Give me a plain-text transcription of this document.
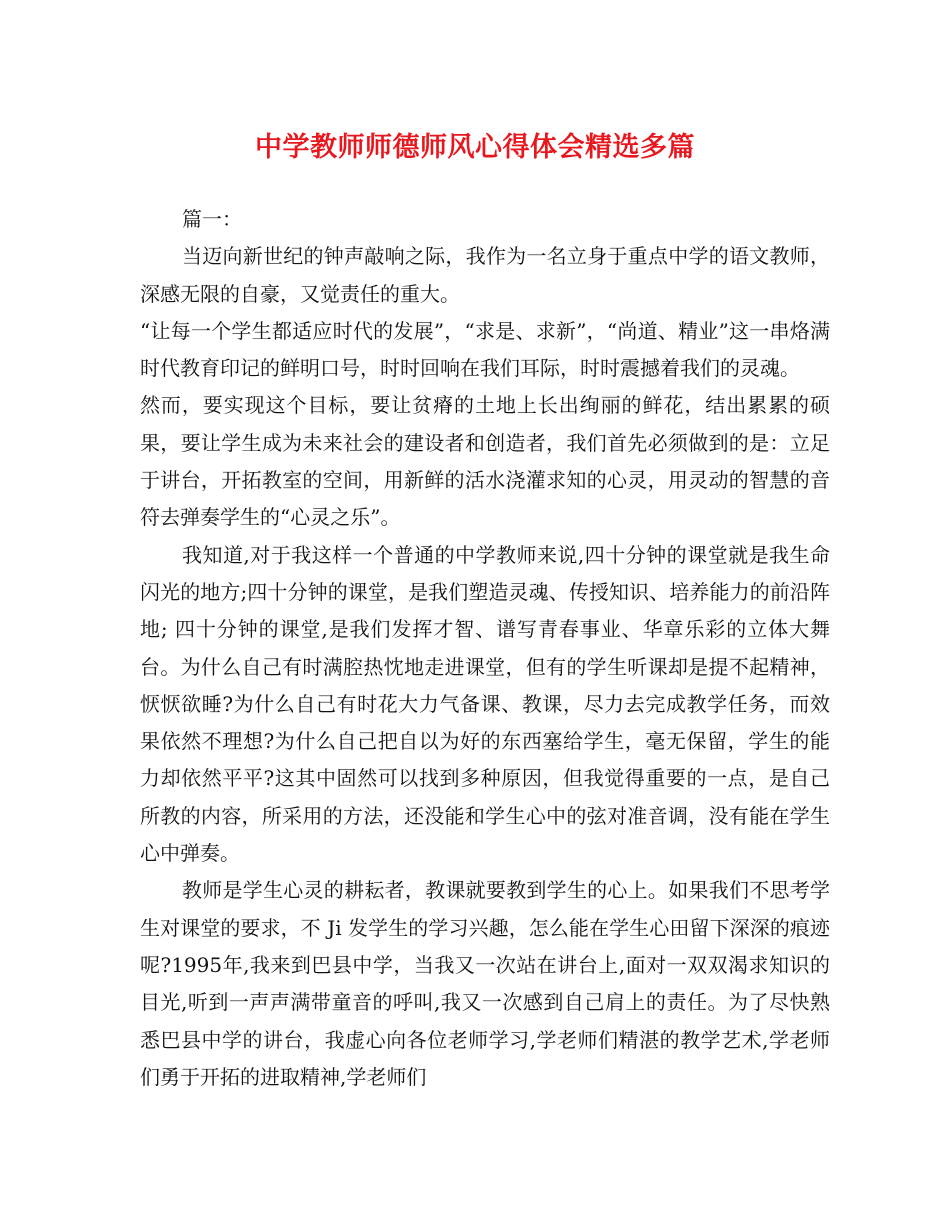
中学教师师德师风心得体会精选多篇

篇一：

当迈向新世纪的钟声敲响之际，我作为一名立身于重点中学的语文教师，深感无限的自豪，又觉责任的重大。

“让每一个学生都适应时代的发展”，“求是、求新”，“尚道、精业”这一串烙满时代教育印记的鲜明口号，时时回响在我们耳际，时时震撼着我们的灵魂。

然而，要实现这个目标，要让贫瘠的土地上长出绚丽的鲜花，结出累累的硕果，要让学生成为未来社会的建设者和创造者，我们首先必须做到的是：立足于讲台，开拓教室的空间，用新鲜的活水浇灌求知的心灵，用灵动的智慧的音符去弹奏学生的“心灵之乐”。

我知道,对于我这样一个普通的中学教师来说,四十分钟的课堂就是我生命闪光的地方;四十分钟的课堂，是我们塑造灵魂、传授知识、培养能力的前沿阵地; 四十分钟的课堂,是我们发挥才智、谱写青春事业、华章乐彩的立体大舞台。为什么自己有时满腔热忱地走进课堂，但有的学生听课却是提不起精神，恹恹欲睡?为什么自己有时花大力气备课、教课，尽力去完成教学任务，而效果依然不理想?为什么自己把自以为好的东西塞给学生，毫无保留，学生的能力却依然平平?这其中固然可以找到多种原因，但我觉得重要的一点，是自己所教的内容，所采用的方法，还没能和学生心中的弦对准音调，没有能在学生心中弹奏。

教师是学生心灵的耕耘者，教课就要教到学生的心上。如果我们不思考学生对课堂的要求，不 Ji 发学生的学习兴趣，怎么能在学生心田留下深深的痕迹呢?1995年,我来到巴县中学，当我又一次站在讲台上,面对一双双渴求知识的目光,听到一声声满带童音的呼叫,我又一次感到自己肩上的责任。为了尽快熟悉巴县中学的讲台，我虚心向各位老师学习,学老师们精湛的教学艺术,学老师们勇于开拓的进取精神,学老师们
